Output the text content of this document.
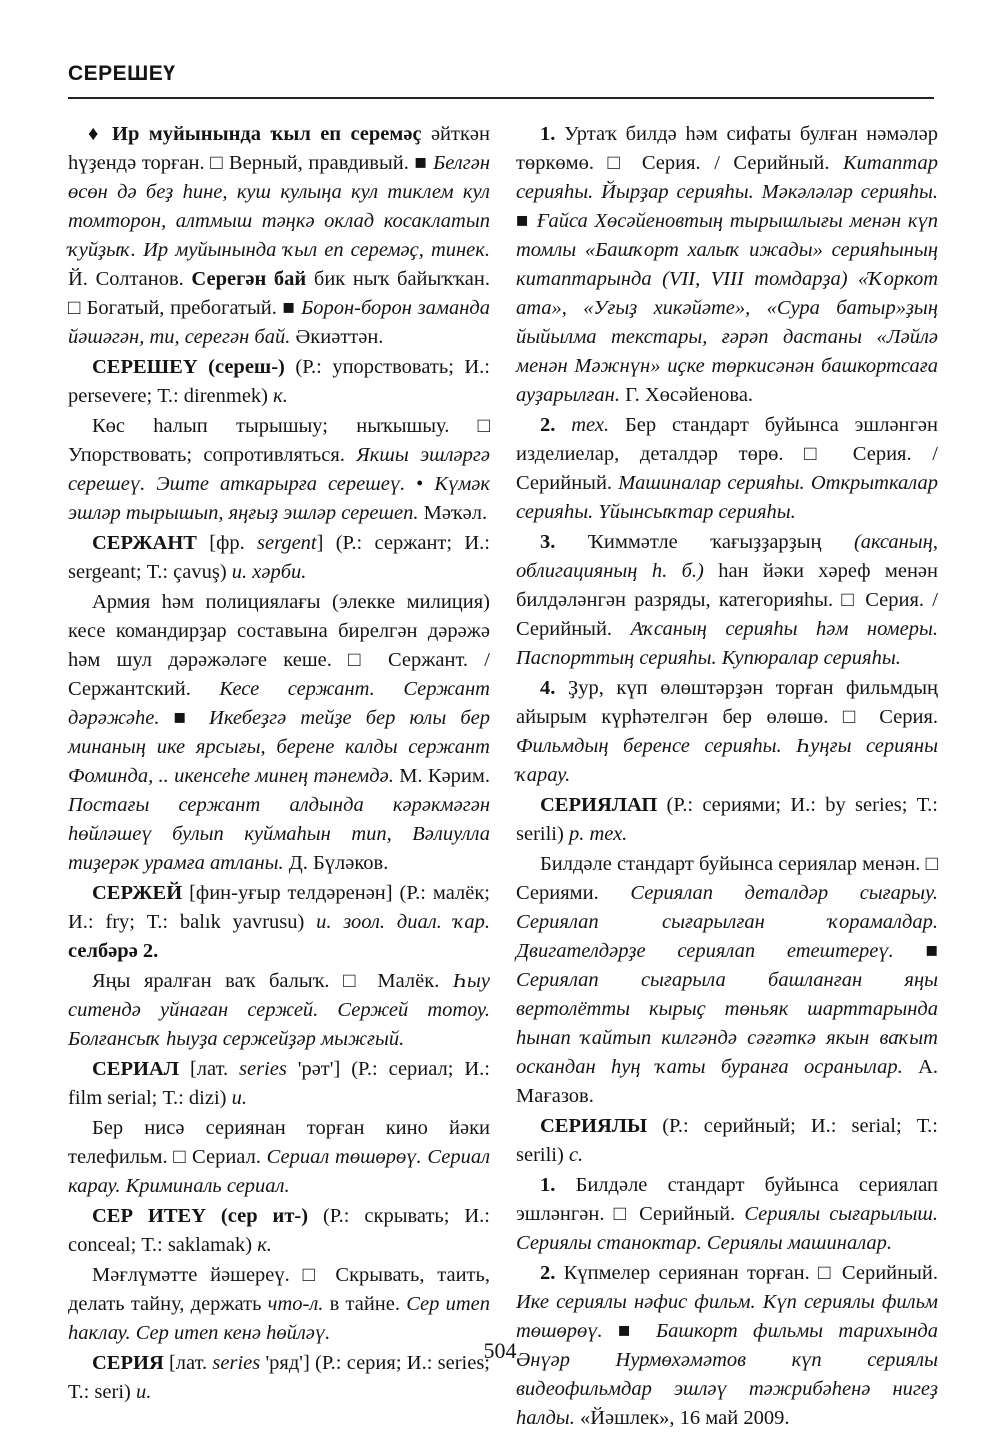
СЕРЕШЕҮ

♦ Ир муйынында ҡыл еп серемәҫ әйткән һүҙендә торған. □ Верный, правдивый. ■ Белгән өсөн дә беҙ һине, куш кулыңа кул тиклем кул томторон, алтмыш тәңкә оклад косаклатып ҡуйҙыҡ. Ир муйынында ҡыл еп серемәҫ, тинек. Й. Солтанов. Серегән бай бик ныҡ байыҡҡан. □ Богатый, пребогатый. ■ Борон-борон заманда йәшәгән, ти, серегән бай. Әкиәттән.

СЕРЕШЕҮ (сереш-) (Р.: упорствовать; И.: persevere; Т.: direnmek) к.

Көс һалып тырышыу; ныҡышыу. □ Упорствовать; сопротивляться. Якшы эшләргә серешеү. Эште аткарырға серешеү. • Күмәк эшләр тырышып, яңғыҙ эшләр серешеп. Мәҡәл.

СЕРЖАНТ [фр. sergent] (Р.: сержант; И.: sergeant; Т.: çavuş) и. хәрби.

Армия һәм полициялағы (элекке милиция) кесе командирҙар составына бирелгән дәрәжә һәм шул дәрәжәләге кеше. □ Сержант. / Сержантский. Кесе сержант. Сержант дәрәжәһе. ■ Икебеҙгә тейҙе бер юлы бер минаның ике ярсығы, берене калды сержант Фоминда, .. икенсеһе минең тәнемдә. М. Кәрим. Постағы сержант алдында кәрәкмәгән һөйләшеү булып куймаһын тип, Вәлиулла тиҙерәк урамға атланы. Д. Бүләков.

СЕРЖЕЙ [фин-уғыр телдәренән] (Р.: малёк; И.: fry; Т.: balık yavrusu) и. зоол. диал. ҡар. селбәрә 2.

Яңы яралған ваҡ балыҡ. □ Малёк. Һыу ситендә уйнаған сержей. Сержей тотоу. Болғансыҡ һыуҙа сержейҙәр мыжғый.

СЕРИАЛ [лат. series 'рәт'] (Р.: сериал; И.: film serial; Т.: dizi) и.

Бер нисә сериянан торған кино йәки телефильм. □ Сериал. Сериал төшөрөү. Сериал карау. Криминаль сериал.

СЕР ИТЕҮ (сер ит-) (Р.: скрывать; И.: conceal; Т.: saklamak) к.

Мәғлүмәтте йәшереү. □ Скрывать, таить, делать тайну, держать что-л. в тайне. Сер итеп һаклау. Сер итеп кенә һөйләү.

СЕРИЯ [лат. series 'ряд'] (Р.: серия; И.: series; Т.: seri) и.

1. Уртаҡ билдә һәм сифаты булған нәмәләр төркөмө. □ Серия. / Серийный. Китаптар серияһы. Йырҙар серияһы. Мәкәләләр серияһы. ■ Ғайса Хөсәйеновтың тырышлығы менән күп томлы «Башҡорт халыҡ ижады» серияһының китаптарында (VII, VIII томдарҙа) «Ҡоркот ата», «Уғыҙ хикәйәте», «Сура батыр»ҙың йыйылма текстары, ғәрәп дастаны «Ләйлә менән Мәжнүн» иҫке төркисәнән башкортсаға ауҙарылған. Г. Хөсәйенова.

2. тех. Бер стандарт буйынса эшләнгән изделиелар, деталдәр төрө. □ Серия. / Серийный. Машиналар серияһы. Открыткалар серияһы. Үйынсыҡтар серияһы.

3. Ҡиммәтле ҡағыҙҙарҙың (аксаның, облигацияның һ. б.) һан йәки хәреф менән билдәләнгән разряды, категорияһы. □ Серия. / Серийный. Аҡсаның серияһы һәм номеры. Паспорттың серияһы. Купюралар серияһы.

4. Ҙур, күп өлөштәрҙән торған фильмдың айырым күрһәтелгән бер өлөшө. □ Серия. Фильмдың беренсе серияһы. Һуңғы серияны ҡарау.

СЕРИЯЛАП (Р.: сериями; И.: by series; Т.: serili) р. тех.

Билдәле стандарт буйынса сериялар менән. □ Сериями. Сериялап деталдәр сығарыу. Сериялап сығарылған ҡорамалдар. Двигателдәрҙе сериялап етештереү. ■ Сериялап сығарыла башланған яңы вертолётты кырыҫ төньяк шарттарында һынап ҡайтып килгәндә сәғәткә якын ваҡыт оскандан һуң ҡаты буранға осранылар. А. Мағазов.

СЕРИЯЛЫ (Р.: серийный; И.: serial; Т.: serili) с.

1. Билдәле стандарт буйынса сериялап эшләнгән. □ Серийный. Сериялы сығарылыш. Сериялы станоктар. Сериялы машиналар.

2. Күпмелер сериянан торған. □ Серийный. Ике сериялы нәфис фильм. Күп сериялы фильм төшөрөү. ■ Башкорт фильмы тарихында Әнүәр Нурмөхәмәтов күп сериялы видеофильмдар эшләү тәжрибәһенә нигеҙ һалды. «Йәшлек», 16 май 2009.

504
